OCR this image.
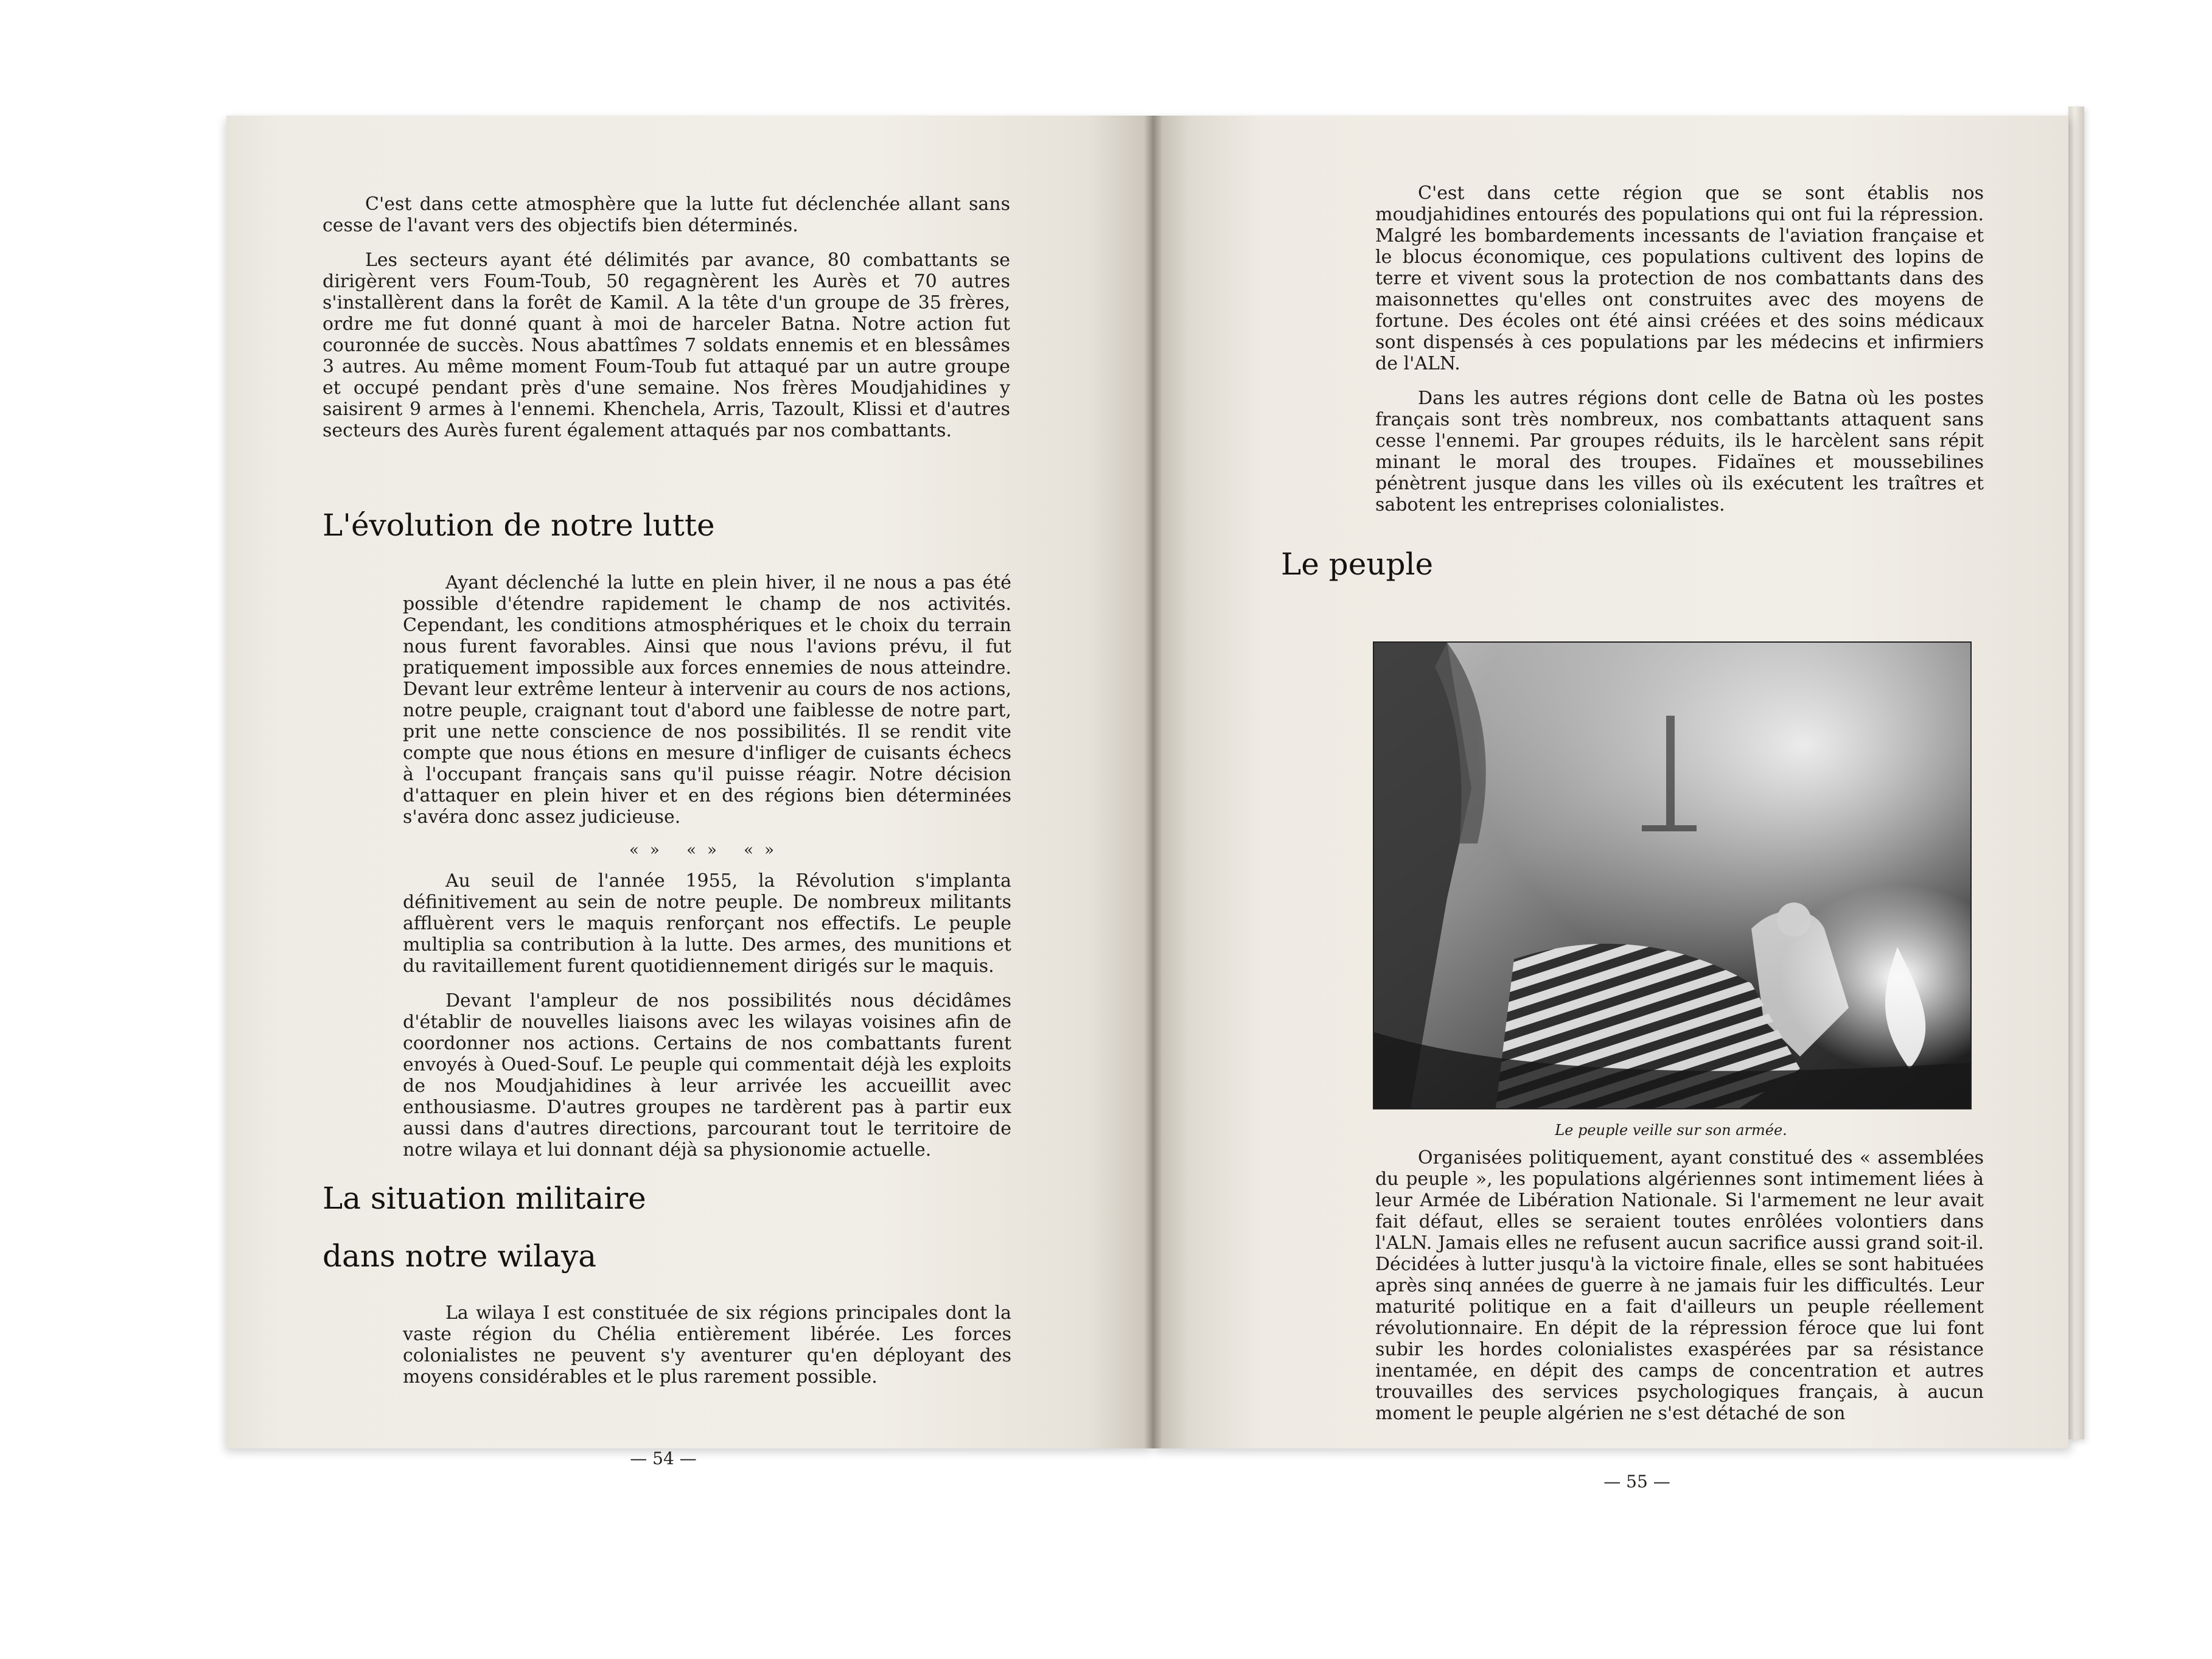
C'est dans cette atmosphère que la lutte fut déclenchée allant sans cesse de l'avant vers des objectifs bien déterminés.

Les secteurs ayant été délimités par avance, 80 combattants se dirigèrent vers Foum-Toub, 50 regagnèrent les Aurès et 70 autres s'installèrent dans la forêt de Kamil. A la tête d'un groupe de 35 frères, ordre me fut donné quant à moi de harceler Batna. Notre action fut couronnée de succès. Nous abattîmes 7 soldats ennemis et en blessâmes 3 autres. Au même moment Foum-Toub fut attaqué par un autre groupe et occupé pendant près d'une semaine. Nos frères Moudjahidines y saisirent 9 armes à l'ennemi. Khenchela, Arris, Tazoult, Klissi et d'autres secteurs des Aurès furent également attaqués par nos combattants.

L'évolution de notre lutte

Ayant déclenché la lutte en plein hiver, il ne nous a pas été possible d'étendre rapidement le champ de nos activités. Cependant, les conditions atmosphériques et le choix du terrain nous furent favorables. Ainsi que nous l'avions prévu, il fut pratiquement impossible aux forces ennemies de nous atteindre. Devant leur extrême lenteur à intervenir au cours de nos actions, notre peuple, craignant tout d'abord une faiblesse de notre part, prit une nette conscience de nos possibilités. Il se rendit vite compte que nous étions en mesure d'infliger de cuisants échecs à l'occupant français sans qu'il puisse réagir. Notre décision d'attaquer en plein hiver et en des régions bien déterminées s'avéra donc assez judicieuse.

«» «» «»

Au seuil de l'année 1955, la Révolution s'implanta définitivement au sein de notre peuple. De nombreux militants affluèrent vers le maquis renforçant nos effectifs. Le peuple multiplia sa contribution à la lutte. Des armes, des munitions et du ravitaillement furent quotidiennement dirigés sur le maquis.

Devant l'ampleur de nos possibilités nous décidâmes d'établir de nouvelles liaisons avec les wilayas voisines afin de coordonner nos actions. Certains de nos combattants furent envoyés à Oued-Souf. Le peuple qui commentait déjà les exploits de nos Moudjahidines à leur arrivée les accueillit avec enthousiasme. D'autres groupes ne tardèrent pas à partir eux aussi dans d'autres directions, parcourant tout le territoire de notre wilaya et lui donnant déjà sa physionomie actuelle.

La situation militaire
dans notre wilaya

La wilaya I est constituée de six régions principales dont la vaste région du Chélia entièrement libérée. Les forces colonialistes ne peuvent s'y aventurer qu'en déployant des moyens considérables et le plus rarement possible.

— 54 —

C'est dans cette région que se sont établis nos moudjahidines entourés des populations qui ont fui la répression. Malgré les bombardements incessants de l'aviation française et le blocus économique, ces populations cultivent des lopins de terre et vivent sous la protection de nos combattants dans des maisonnettes qu'elles ont construites avec des moyens de fortune. Des écoles ont été ainsi créées et des soins médicaux sont dispensés à ces populations par les médecins et infirmiers de l'ALN.

Dans les autres régions dont celle de Batna où les postes français sont très nombreux, nos combattants attaquent sans cesse l'ennemi. Par groupes réduits, ils le harcèlent sans répit minant le moral des troupes. Fidaïnes et moussebilines pénètrent jusque dans les villes où ils exécutent les traîtres et sabotent les entreprises colonialistes.

Le peuple
Le peuple veille sur son armée.

Organisées politiquement, ayant constitué des « assemblées du peuple », les populations algériennes sont intimement liées à leur Armée de Libération Nationale. Si l'armement ne leur avait fait défaut, elles se seraient toutes enrôlées volontiers dans l'ALN. Jamais elles ne refusent aucun sacrifice aussi grand soit-il. Décidées à lutter jusqu'à la victoire finale, elles se sont habituées après sinq années de guerre à ne jamais fuir les difficultés. Leur maturité politique en a fait d'ailleurs un peuple réellement révolutionnaire. En dépit de la répression féroce que lui font subir les hordes colonialistes exaspérées par sa résistance inentamée, en dépit des camps de concentration et autres trouvailles des services psychologiques français, à aucun moment le peuple algérien ne s'est détaché de son

— 55 —
